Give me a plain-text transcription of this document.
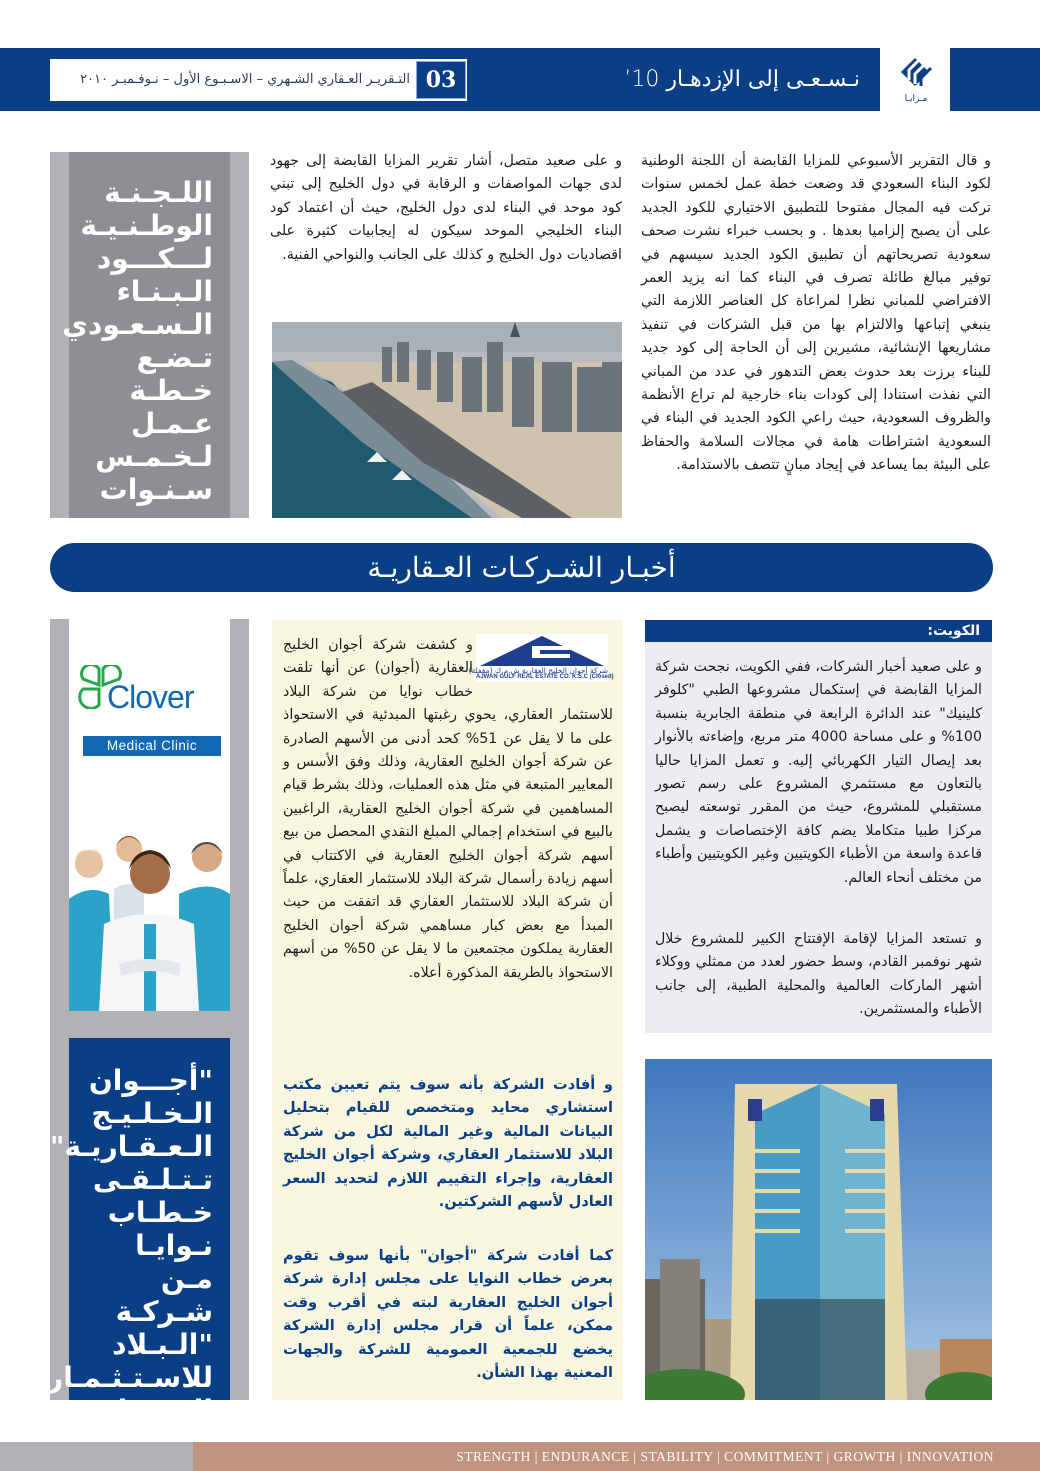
التـقريـر العـقاري الشـهري – الاسـبـوع الأول – نـوفـمبـر ٢٠١٠ 03	نـسـعـى إلى الإزدهـار 10’
مـزايـا
اللـجـنـة
الوطـنـيـة
لـــكـــود
الـبـنـاء
الـسـعـودي
تـضـع
خـطـة
عـمـل
لـخـمـس
سـنـوات
و على صعيد متصل، أشار تقرير المزايا القابضة إلى جهود لدى جهات المواصفات و الرقابة في دول الخليج إلى تبني كود موحد في البناء لدى دول الخليج، حيث أن اعتماد كود البناء الخليجي الموحد سيكون له إيجابيات كثيرة على اقصاديات دول الخليج و كذلك على الجانب والنواحي الفنية.
و قال التقرير الأسبوعي للمزايا القابضة أن اللجنة الوطنية لكود البناء السعودي قد وضعت خطة عمل لخمس سنوات تركت فيه المجال مفتوحا للتطبيق الاختياري للكود الجديد على أن يصبح إلزاميا بعدها . و بحسب خبراء نشرت صحف سعودية تصريحاتهم أن تطبيق الكود الجديد سيسهم في توفير مبالغ طائلة تصرف في البناء كما انه يزيد العمر الافتراضي للمباني نظرا لمراعاة كل العناصر اللازمة التي ينبغي إتباعها والالتزام بها من قبل الشركات في تنفيذ مشاريعها الإنشائية، مشيرين إلى أن الحاجة إلى كود جديد للبناء برزت بعد حدوث بعض التدهور في عدد من المباني التي نفذت استنادا إلى كودات بناء خارجية لم تراع الأنظمة والظروف السعودية، حيث راعي الكود الجديد في البناء في السعودية اشتراطات هامة في مجالات السلامة والحفاظ على البيئة بما يساعد في إيجاد مبانٍ تتصف بالاستدامة.
أخبـار الشـركـات العـقاريـة
Clover
Medical Clinic
"أجـــوان
الـخـلـيـج
الـعـقـاريـة"
تـتـلـقـى
خـطـاب
نـوايـا
مـن شـركـة
"الـبـلاد
للاسـتـثـمـار
الـعـقـاري"
شركة أجوان الخليج العقارية ش.م.ك (مقفلة)
AJWAN GULF REAL ESTATE CO. K.S.C (Closed)
و كشفت شركة أجوان الخليج العقارية (أجوان) عن أنها تلقت خطاب نوايا من شركة البلاد للاستثمار العقاري، يحوي رغبتها المبدئية في الاستحواذ على ما لا يقل عن 51% كحد أدنى من الأسهم الصادرة عن شركة أجوان الخليج العقارية، وذلك وفق الأسس و المعايير المتبعة في مثل هذه العمليات، وذلك بشرط قيام المساهمين في شركة أجوان الخليج العقارية، الراغبين بالبيع في استخدام إجمالي المبلغ النقدي المحصل من بيع أسهم شركة أجوان الخليج العقارية في الاكتتاب في أسهم زيادة رأسمال شركة البلاد للاستثمار العقاري، علماً أن شركة البلاد للاستثمار العقاري قد اتفقت من حيث المبدأ مع بعض كبار مساهمي شركة أجوان الخليج العقارية يملكون مجتمعين ما لا يقل عن 50% من أسهم الاستحواذ بالطريقة المذكورة أعلاه.
و أفادت الشركة بأنه سوف يتم تعيين مكتب استشاري محايد ومتخصص للقيام بتحليل البيانات المالية وغير المالية لكل من شركة البلاد للاستثمار العقاري، وشركة أجوان الخليج العقارية، وإجراء التقييم اللازم لتحديد السعر العادل لأسهم الشركتين.
كما أفادت شركة "أجوان" بأنها سوف تقوم بعرض خطاب النوايا على مجلس إدارة شركة أجوان الخليج العقارية لبته في أقرب وقت ممكن، علماً أن قرار مجلس إدارة الشركة يخضع للجمعية العمومية للشركة والجهات المعنية بهذا الشأن.
الكويت:
و على صعيد أخبار الشركات، ففي الكويت، نجحت شركة المزايا القابضة في إستكمال مشروعها الطبي "كلوفر كلينيك" عند الدائرة الرابعة في منطقة الجابرية بنسبة 100% و على مساحة 4000 متر مربع، وإضاءته بالأنوار بعد إيصال التيار الكهربائي إليه. و تعمل المزايا حاليا بالتعاون مع مستثمري المشروع على رسم تصور مستقبلي للمشروع، حيث من المقرر توسعته ليصبح مركزا طبيا متكاملا يضم كافة الإختصاصات و يشمل قاعدة واسعة من الأطباء الكويتيين وغير الكويتيين وأطباء من مختلف أنحاء العالم.
و تستعد المزايا لإقامة الإفتتاح الكبير للمشروع خلال شهر نوفمبر القادم، وسط حضور لعدد من ممثلي ووكلاء أشهر الماركات العالمية والمحلية الطبية، إلى جانب الأطباء والمستثمرين.
STRENGTH | ENDURANCE | STABILITY | COMMITMENT | GROWTH | INNOVATION
